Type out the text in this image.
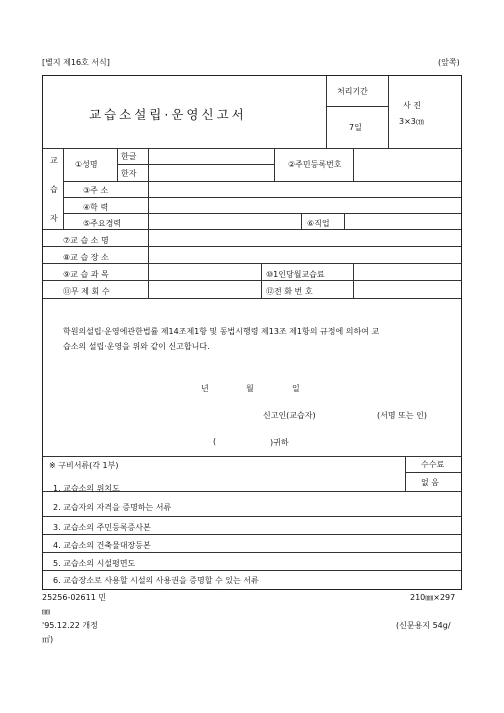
[별지 제16호 서식]	(앞쪽)
교습소설립·운영신고서
처리기간
7일
사 진
3×3㎝
교
습
자
①성명
한글
한자
②주민등록번호
③주 소
④학 력
⑤주요경력	⑥직업
⑦교 습 소 명
⑧교 습 장 소
⑨교 습 과 목	⑩1인당월교습료
⑪무 제 회 수	⑫전 화 번 호
학원의설립·운영에관한법률 제14조제1항 및 동법시행령 제13조 제1항의 규정에 의하여 교
습소의 설립·운영을 위와 같이 신고합니다.
년	월	일
신고인(교습자)	(서명 또는 인)
(	)귀하
※ 구비서류(각 1부)	수수료
없 음
1. 교습소의 위치도
2. 교습자의 자격을 증명하는 서류
3. 교습소의 주민등록증사본
4. 교습소의 건축물대장등본
5. 교습소의 시설평면도
6. 교습장소로 사용할 시설의 사용권을 증명할 수 있는 서류
25256-02611 민	210㎜×297
㎜
'95.12.22 개정	(신문용지 54g/
㎡)
